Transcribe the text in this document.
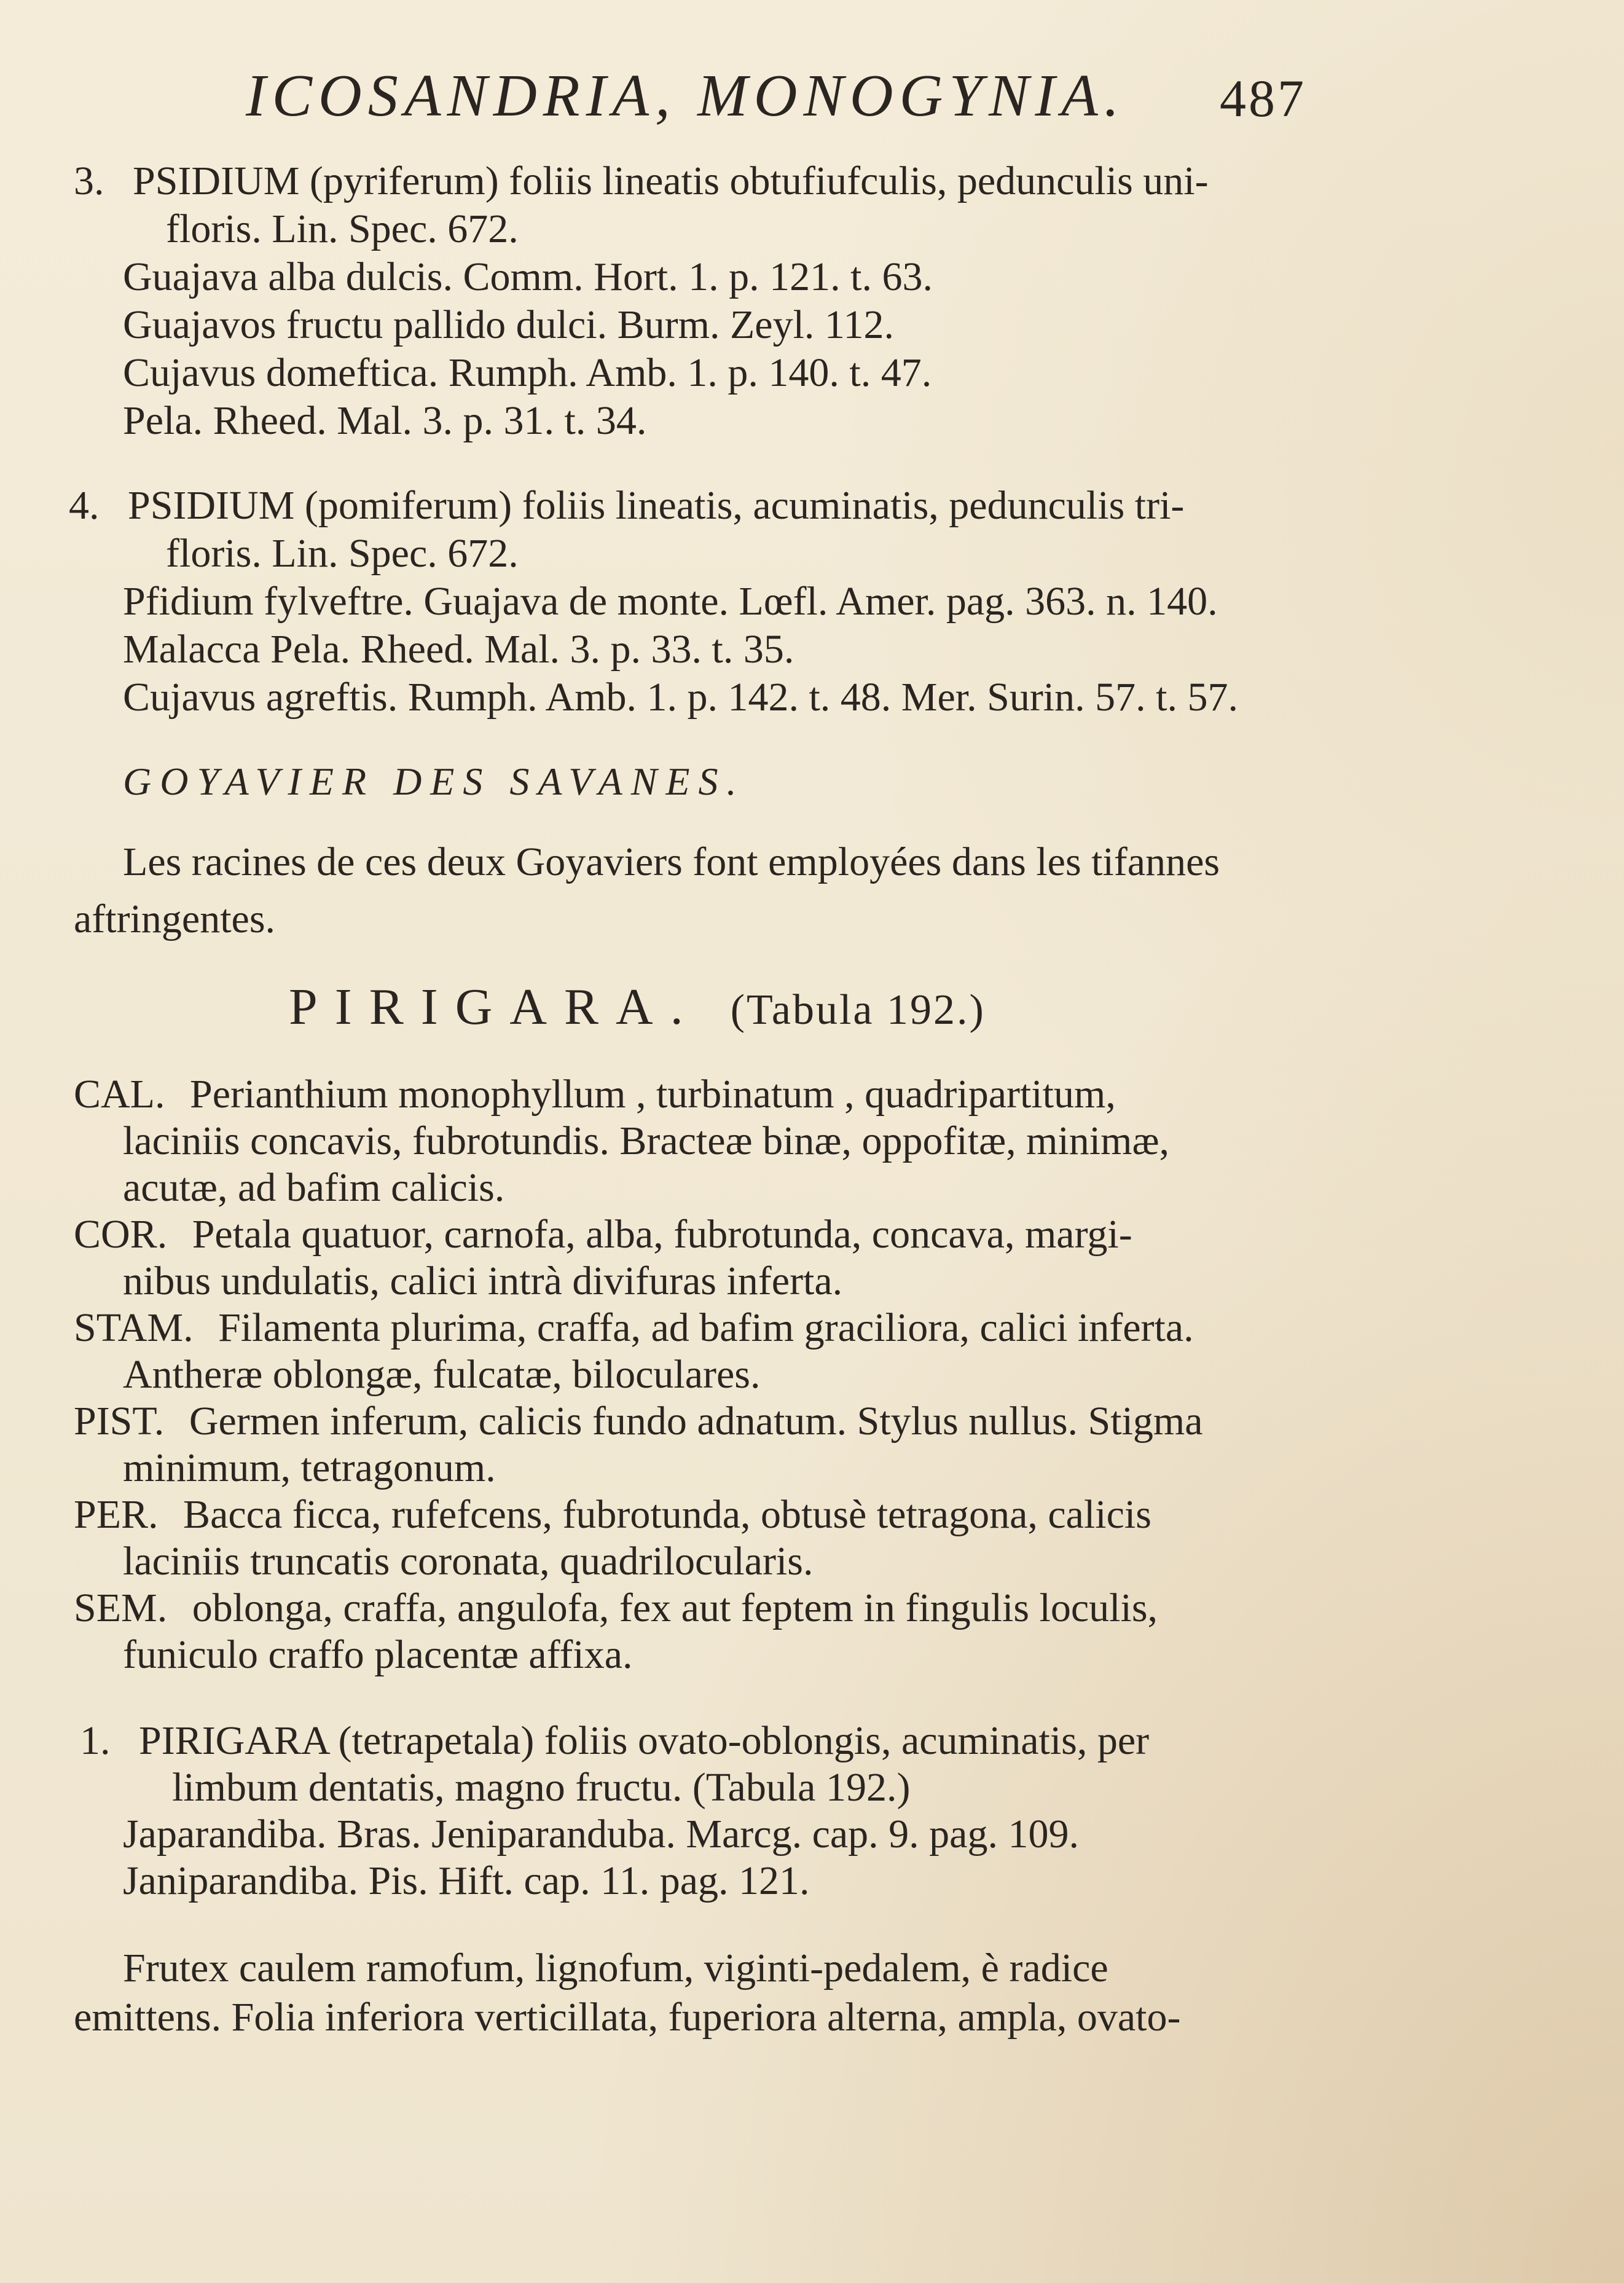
ICOSANDRIA, MONOGYNIA. 487
3. PSIDIUM (pyriferum) foliis lineatis obtufiufculis, pedunculis uni-
floris. Lin. Spec. 672.
Guajava alba dulcis. Comm. Hort. 1. p. 121. t. 63.
Guajavos fructu pallido dulci. Burm. Zeyl. 112.
Cujavus domeftica. Rumph. Amb. 1. p. 140. t. 47.
Pela. Rheed. Mal. 3. p. 31. t. 34.
4. PSIDIUM (pomiferum) foliis lineatis, acuminatis, pedunculis tri-
floris. Lin. Spec. 672.
Pfidium fylveftre. Guajava de monte. Lœfl. Amer. pag. 363. n. 140.
Malacca Pela. Rheed. Mal. 3. p. 33. t. 35.
Cujavus agreftis. Rumph. Amb. 1. p. 142. t. 48. Mer. Surin. 57. t. 57.
GOYAVIER DES SAVANES.
Les racines de ces deux Goyaviers font employées dans les tifannes
aftringentes.
PIRIGARA. (Tabula 192.)
CAL. Perianthium monophyllum , turbinatum , quadripartitum,
laciniis concavis, fubrotundis. Bracteæ binæ, oppofitæ, minimæ,
acutæ, ad bafim calicis.
COR. Petala quatuor, carnofa, alba, fubrotunda, concava, margi-
nibus undulatis, calici intrà divifuras inferta.
STAM. Filamenta plurima, craffa, ad bafim graciliora, calici inferta.
Antheræ oblongæ, fulcatæ, biloculares.
PIST. Germen inferum, calicis fundo adnatum. Stylus nullus. Stigma
minimum, tetragonum.
PER. Bacca ficca, rufefcens, fubrotunda, obtusè tetragona, calicis
laciniis truncatis coronata, quadrilocularis.
SEM. oblonga, craffa, angulofa, fex aut feptem in fingulis loculis,
funiculo craffo placentæ affixa.
1. PIRIGARA (tetrapetala) foliis ovato-oblongis, acuminatis, per
limbum dentatis, magno fructu. (Tabula 192.)
Japarandiba. Bras. Jeniparanduba. Marcg. cap. 9. pag. 109.
Janiparandiba. Pis. Hift. cap. 11. pag. 121.
Frutex caulem ramofum, lignofum, viginti-pedalem, è radice
emittens. Folia inferiora verticillata, fuperiora alterna, ampla, ovato-
